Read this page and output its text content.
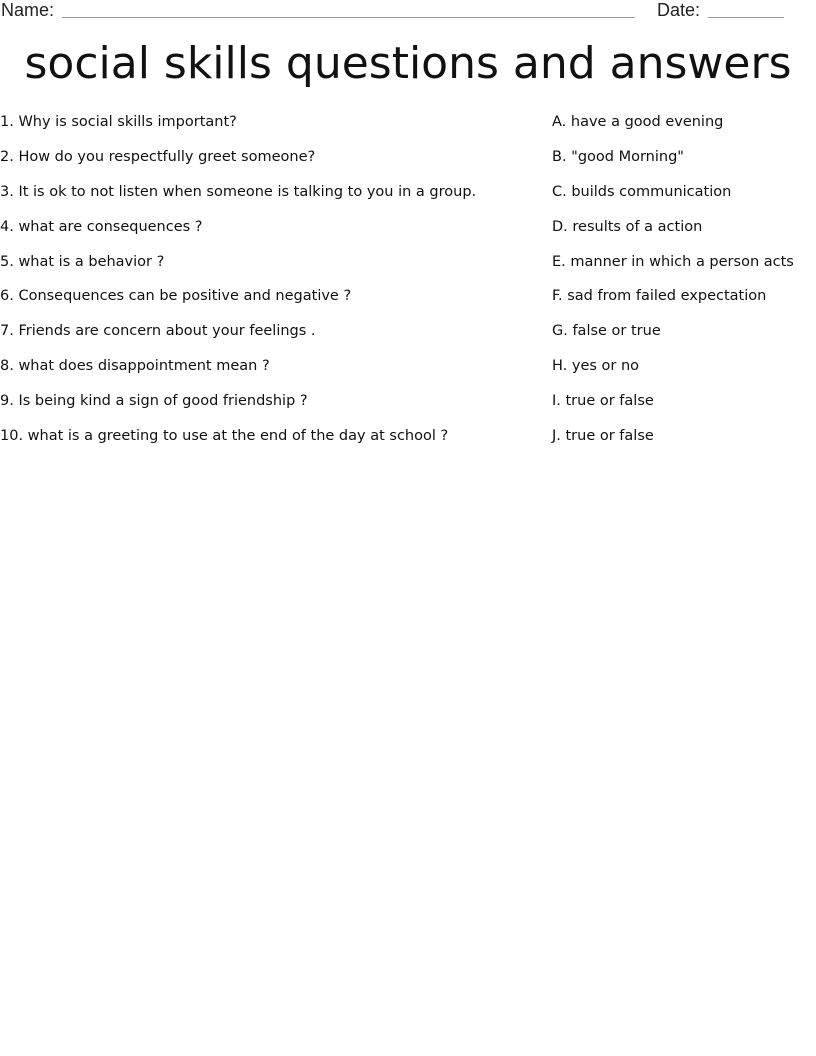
Name:	Date:
social skills questions and answers
1. Why is social skills important?
2. How do you respectfully greet someone?
3. It is ok to not listen when someone is talking to you in a group.
4. what are consequences ?
5. what is a behavior ?
6. Consequences can be positive and negative ?
7. Friends are concern about your feelings .
8. what does disappointment mean ?
9. Is being kind a sign of good friendship ?
10. what is a greeting to use at the end of the day at school ?
A. have a good evening
B. "good Morning"
C. builds communication
D. results of a action
E. manner in which a person acts
F. sad from failed expectation
G. false or true
H. yes or no
I. true or false
J. true or false
